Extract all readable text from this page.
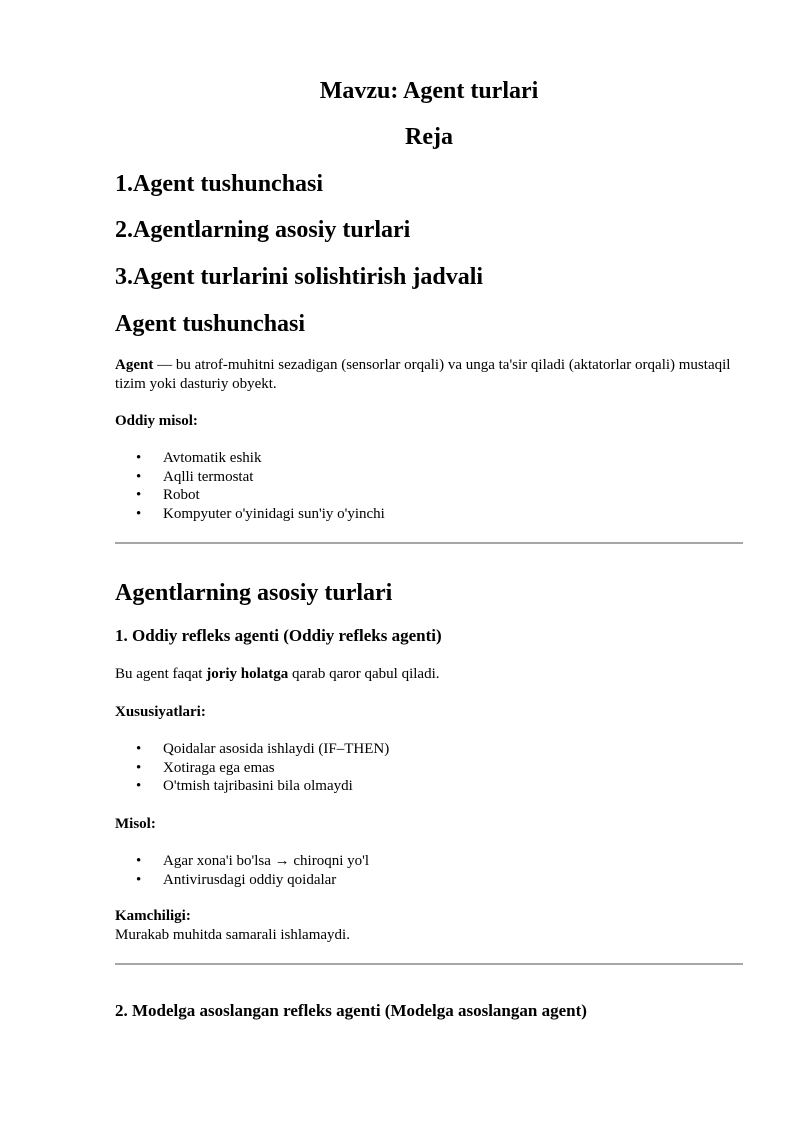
Mavzu: Agent turlari
Reja
1.Agent tushunchasi
2.Agentlarning asosiy turlari
3.Agent turlarini solishtirish jadvali
Agent tushunchasi
Agent — bu atrof-muhitni sezadigan (sensorlar orqali) va unga ta'sir qiladi (aktatorlar orqali) mustaqil tizim yoki dasturiy obyekt.
Oddiy misol:
• Avtomatik eshik
• Aqlli termostat
• Robot
• Kompyuter o'yinidagi sun'iy o'yinchi
Agentlarning asosiy turlari
1. Oddiy refleks agenti (Oddiy refleks agenti)
Bu agent faqat joriy holatga qarab qaror qabul qiladi.
Xususiyatlari:
• Qoidalar asosida ishlaydi (IF–THEN)
• Xotiraga ega emas
• O'tmish tajribasini bila olmaydi
Misol:
• Agar xona'i bo'lsa → chiroqni yo'l
• Antivirusdagi oddiy qoidalar
Kamchiligi:
Murakab muhitda samarali ishlamaydi.
2. Modelga asoslangan refleks agenti (Modelga asoslangan agent)
